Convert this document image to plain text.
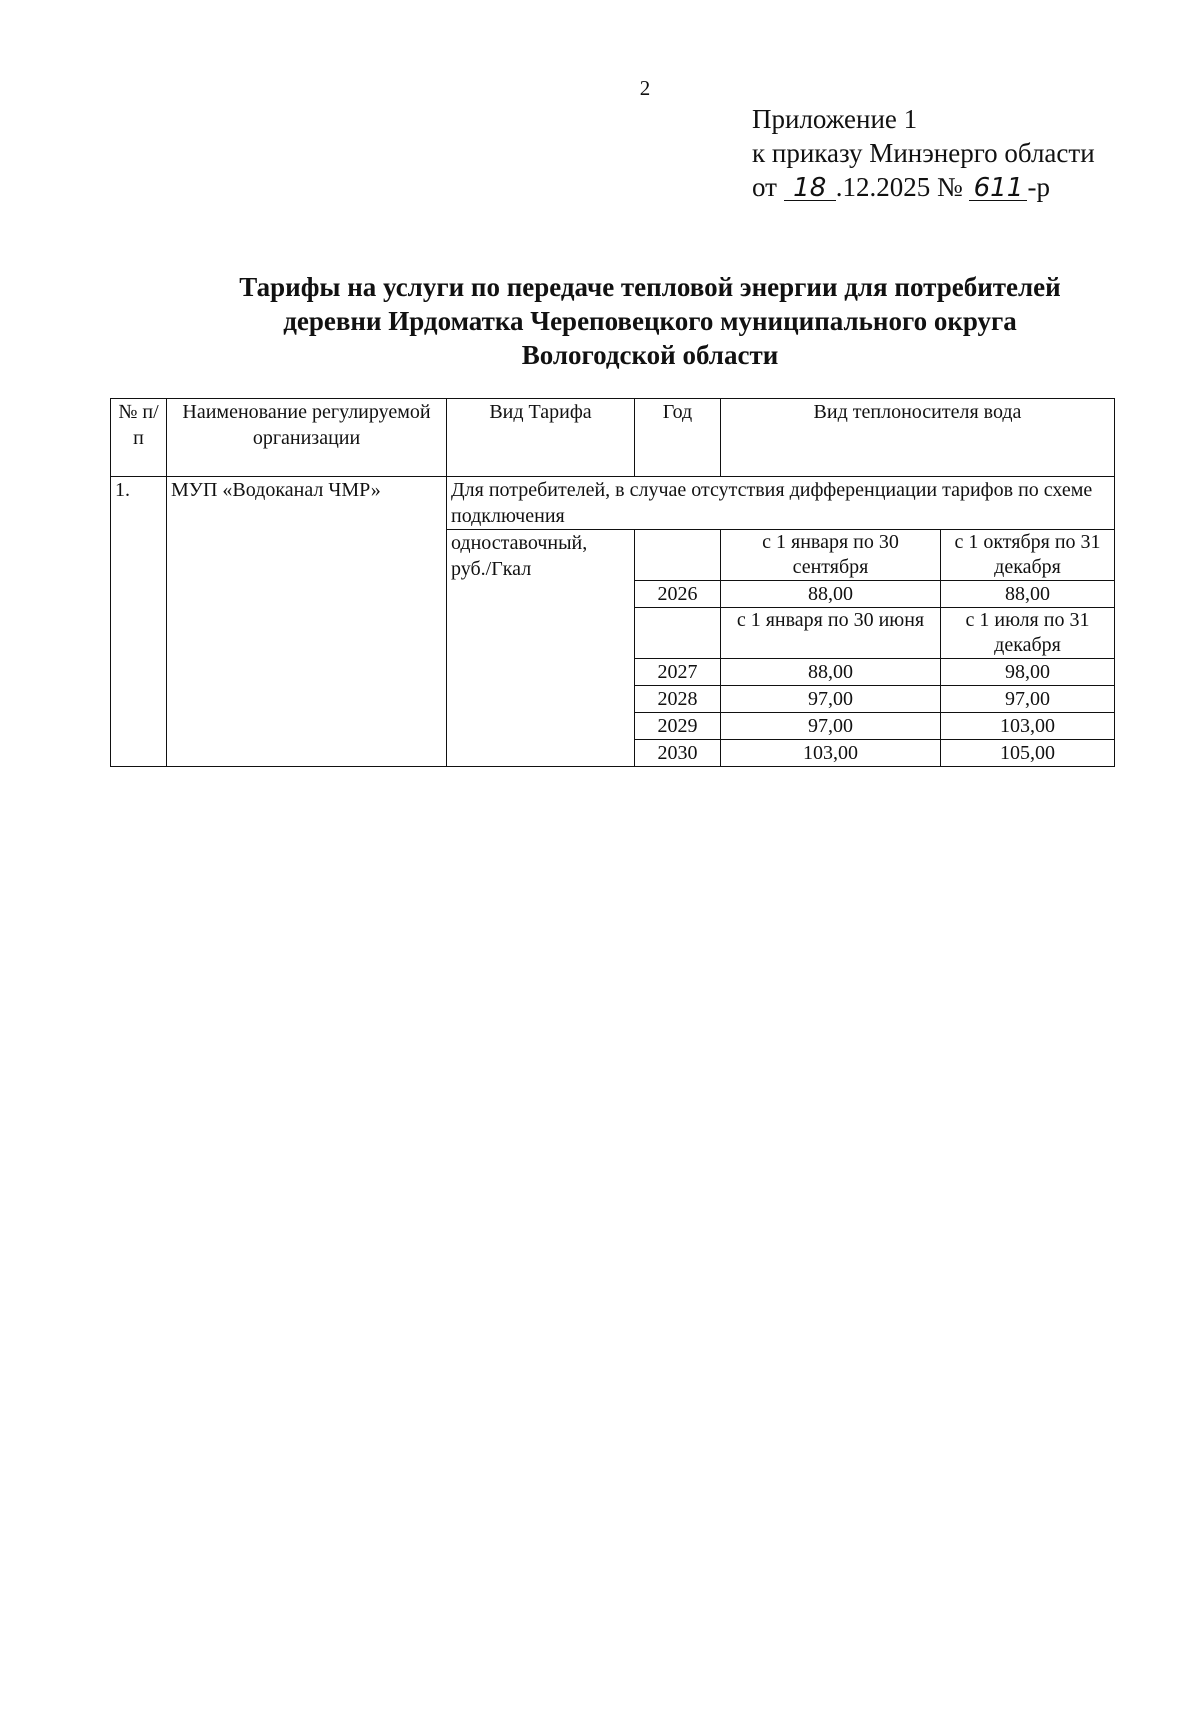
2
Приложение 1
к приказу Минэнерго области
от 18 .12.2025 № 611 -р
Тарифы на услуги по передаче тепловой энергии для потребителей
деревни Ирдоматка Череповецкого муниципального округа
Вологодской области
№ п/п	Наименование регулируемой организации	Вид Тарифа	Год	Вид теплоносителя вода	
1.	МУП «Водоканал ЧМР»	Для потребителей, в случае отсутствия дифференциации тарифов по схеме подключения			
		одноставочный, руб./Гкал		с 1 января по 30 сентября	с 1 октября по 31 декабря
			2026	88,00	88,00
				с 1 января по 30 июня	с 1 июля по 31 декабря
			2027	88,00	98,00
			2028	97,00	97,00
			2029	97,00	103,00
			2030	103,00	105,00
